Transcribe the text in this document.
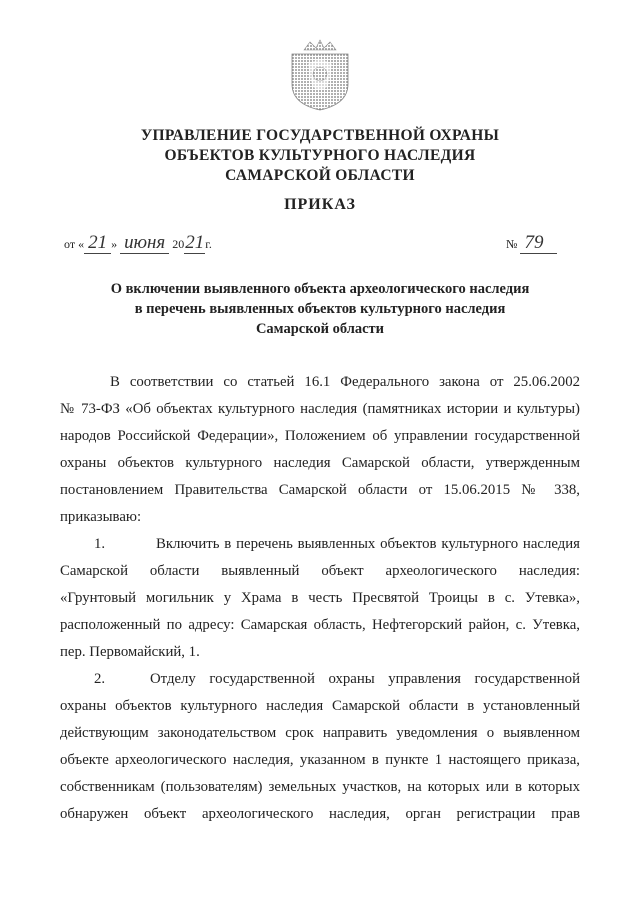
УПРАВЛЕНИЕ ГОСУДАРСТВЕННОЙ ОХРАНЫ
ОБЪЕКТОВ КУЛЬТУРНОГО НАСЛЕДИЯ
САМАРСКОЙ ОБЛАСТИ
ПРИКАЗ
от « 21 » июня 2021г.	№ 79
О включении выявленного объекта археологического наследия
в перечень выявленных объектов культурного наследия
Самарской области
В соответствии со статьей 16.1 Федерального закона от 25.06.2002
№ 73-ФЗ «Об объектах культурного наследия (памятниках истории и культуры)
народов Российской Федерации», Положением об управлении государственной
охраны объектов культурного наследия Самарской области, утвержденным
постановлением Правительства Самарской области от 15.06.2015 № 338,
приказываю:
1.	Включить в перечень выявленных объектов культурного наследия
Самарской области выявленный объект археологического наследия:
«Грунтовый могильник у Храма в честь Пресвятой Троицы в с. Утевка»,
расположенный по адресу: Самарская область, Нефтегорский район, с. Утевка,
пер. Первомайский, 1.
2.	Отделу государственной охраны управления государственной
охраны объектов культурного наследия Самарской области в установленный
действующим законодательством срок направить уведомления о выявленном
объекте археологического наследия, указанном в пункте 1 настоящего приказа,
собственникам (пользователям) земельных участков, на которых или в которых
обнаружен объект археологического наследия, орган регистрации прав
